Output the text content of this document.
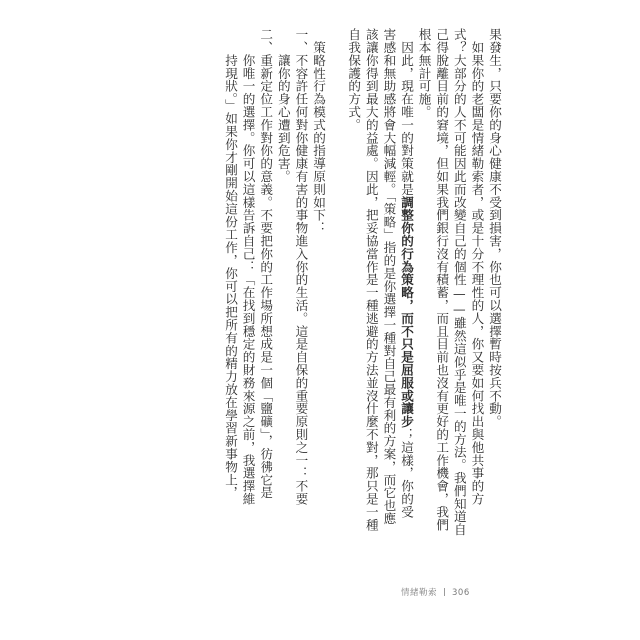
果發生，只要你的身心健康不受到損害，你也可以選擇暫時按兵不動。
　如果你的老闆是情緒勒索者，或是十分不理性的人，你又要如何找出與他共事的方
式？大部分的人不可能因此而改變自己的個性——雖然這似乎是唯一的方法。我們知道自
己得脫離目前的窘境，但如果我們銀行沒有積蓄，而且目前也沒有更好的工作機會，我們
根本無計可施。
　因此，現在唯一的對策就是調整你的行為策略，而不只是屈服或讓步；這樣，你的受
害感和無助感將會大幅減輕。「策略」指的是你選擇一種對自己最有利的方案，而它也應
該讓你得到最大的益處。因此，把妥協當作是一種逃避的方法並沒什麼不對，那只是一種
自我保護的方式。
　策略性行為模式的指導原則如下：
一、不容許任何對你健康有害的事物進入你的生活。這是自保的重要原則之一：不要
　　讓你的身心遭到危害。
二、重新定位工作對你的意義。不要把你的工作場所想成是一個「鹽礦」，彷彿它是
　　你唯一的選擇。你可以這樣告訴自己：「在找到穩定的財務來源之前，我選擇維
　　持現狀。」如果你才剛開始這份工作，你可以把所有的精力放在學習新事物上，
情緒勒索 306
